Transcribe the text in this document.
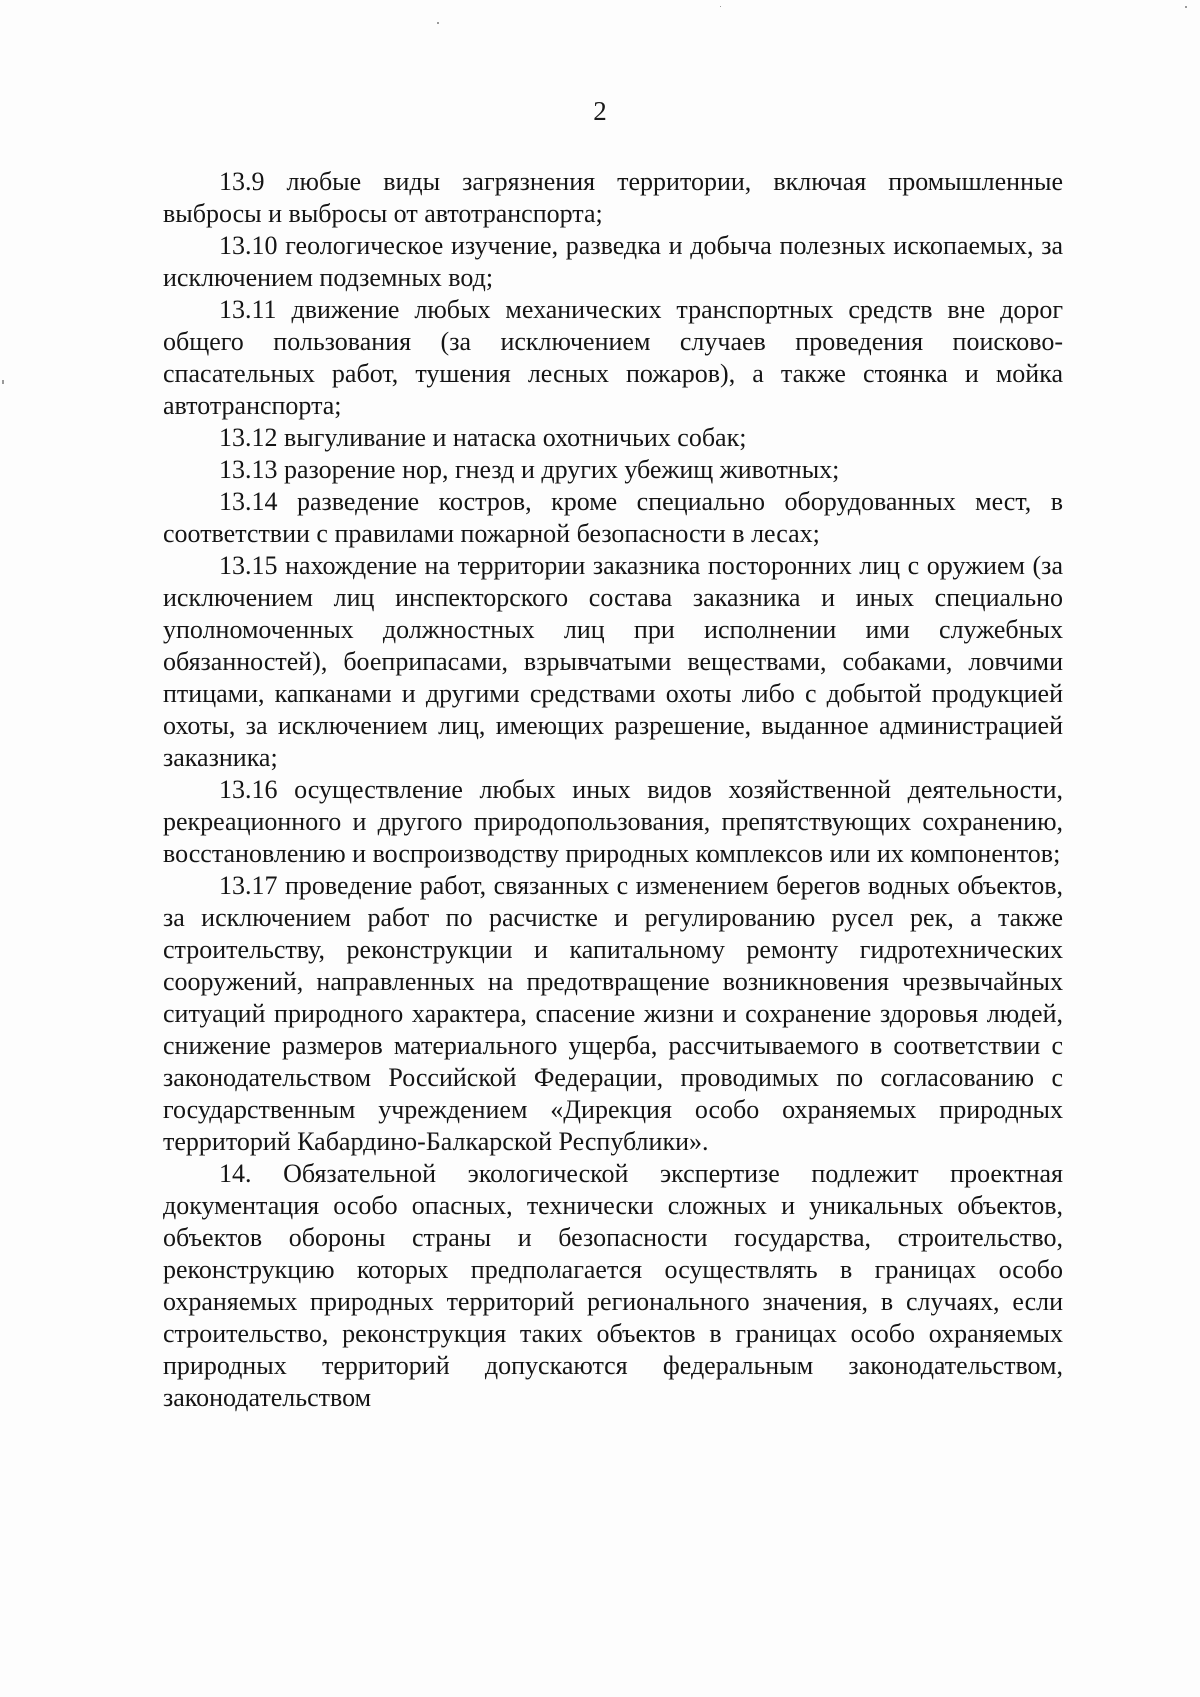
2

13.9 любые виды загрязнения территории, включая промышленные выбросы и выбросы от автотранспорта;

13.10 геологическое изучение, разведка и добыча полезных ископаемых, за исключением подземных вод;

13.11 движение любых механических транспортных средств вне дорог общего пользования (за исключением случаев проведения поисково-спасательных работ, тушения лесных пожаров), а также стоянка и мойка автотранспорта;

13.12 выгуливание и натаска охотничьих собак;

13.13 разорение нор, гнезд и других убежищ животных;

13.14 разведение костров, кроме специально оборудованных мест, в соответствии с правилами пожарной безопасности в лесах;

13.15 нахождение на территории заказника посторонних лиц с оружием (за исключением лиц инспекторского состава заказника и иных специально уполномоченных должностных лиц при исполнении ими служебных обязанностей), боеприпасами, взрывчатыми веществами, собаками, ловчими птицами, капканами и другими средствами охоты либо с добытой продукцией охоты, за исключением лиц, имеющих разрешение, выданное администрацией заказника;

13.16 осуществление любых иных видов хозяйственной деятельности, рекреационного и другого природопользования, препятствующих сохранению, восстановлению и воспроизводству природных комплексов или их компонентов;

13.17 проведение работ, связанных с изменением берегов водных объектов, за исключением работ по расчистке и регулированию русел рек, а также строительству, реконструкции и капитальному ремонту гидротехнических сооружений, направленных на предотвращение возникновения чрезвычайных ситуаций природного характера, спасение жизни и сохранение здоровья людей, снижение размеров материального ущерба, рассчитываемого в соответствии с законодательством Российской Федерации, проводимых по согласованию с государственным учреждением «Дирекция особо охраняемых природных территорий Кабардино-Балкарской Республики».

14. Обязательной экологической экспертизе подлежит проектная документация особо опасных, технически сложных и уникальных объектов, объектов обороны страны и безопасности государства, строительство, реконструкцию которых предполагается осуществлять в границах особо охраняемых природных территорий регионального значения, в случаях, если строительство, реконструкция таких объектов в границах особо охраняемых природных территорий допускаются федеральным законодательством, законодательством
